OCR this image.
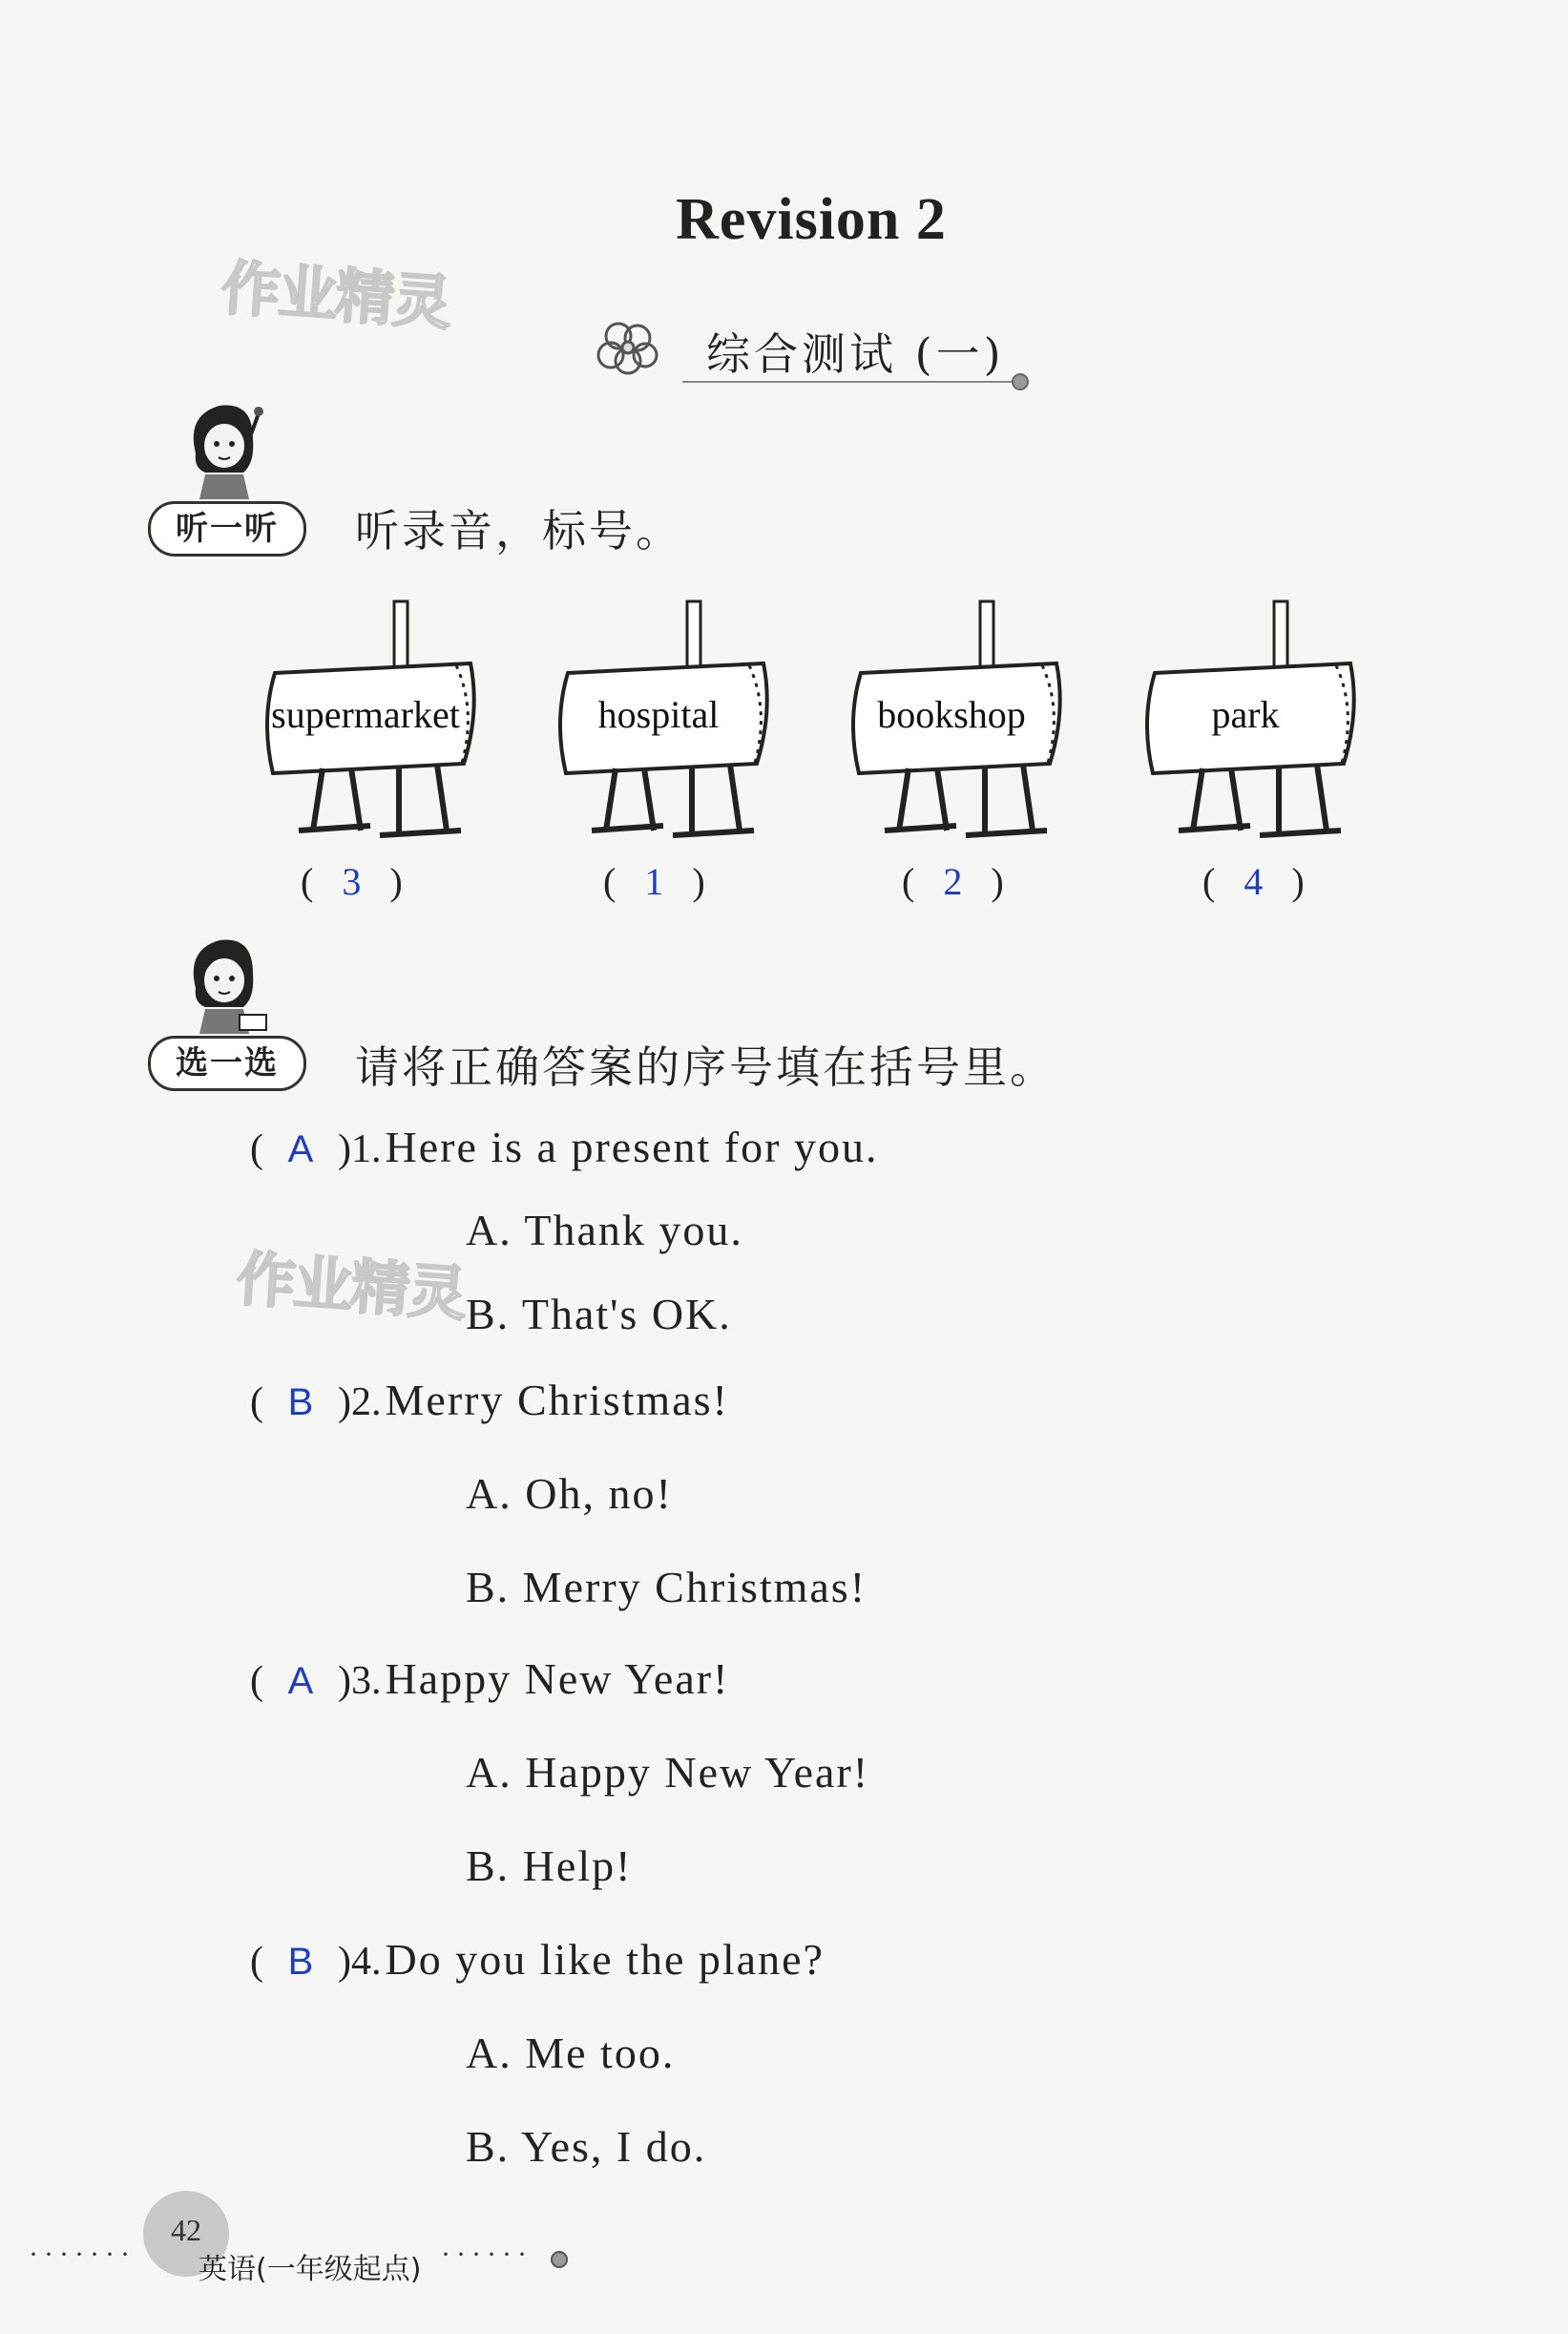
Revision 2
作业精灵
综合测试 (一)
听一听	听录音，标号。
supermarket	hospital	bookshop	park
(   3   )	(   1   )	(   2   )	(   4   )
选一选	请将正确答案的序号填在括号里。
作业精灵
( A )1. Here is a present for you.
A. Thank you.
B. That's OK.
( B )2. Merry Christmas!
A. Oh, no!
B. Merry Christmas!
( A )3. Happy New Year!
A. Happy New Year!
B. Help!
( B )4. Do you like the plane?
A. Me too.
B. Yes, I do.
42
······· 英语(一年级起点) ······
